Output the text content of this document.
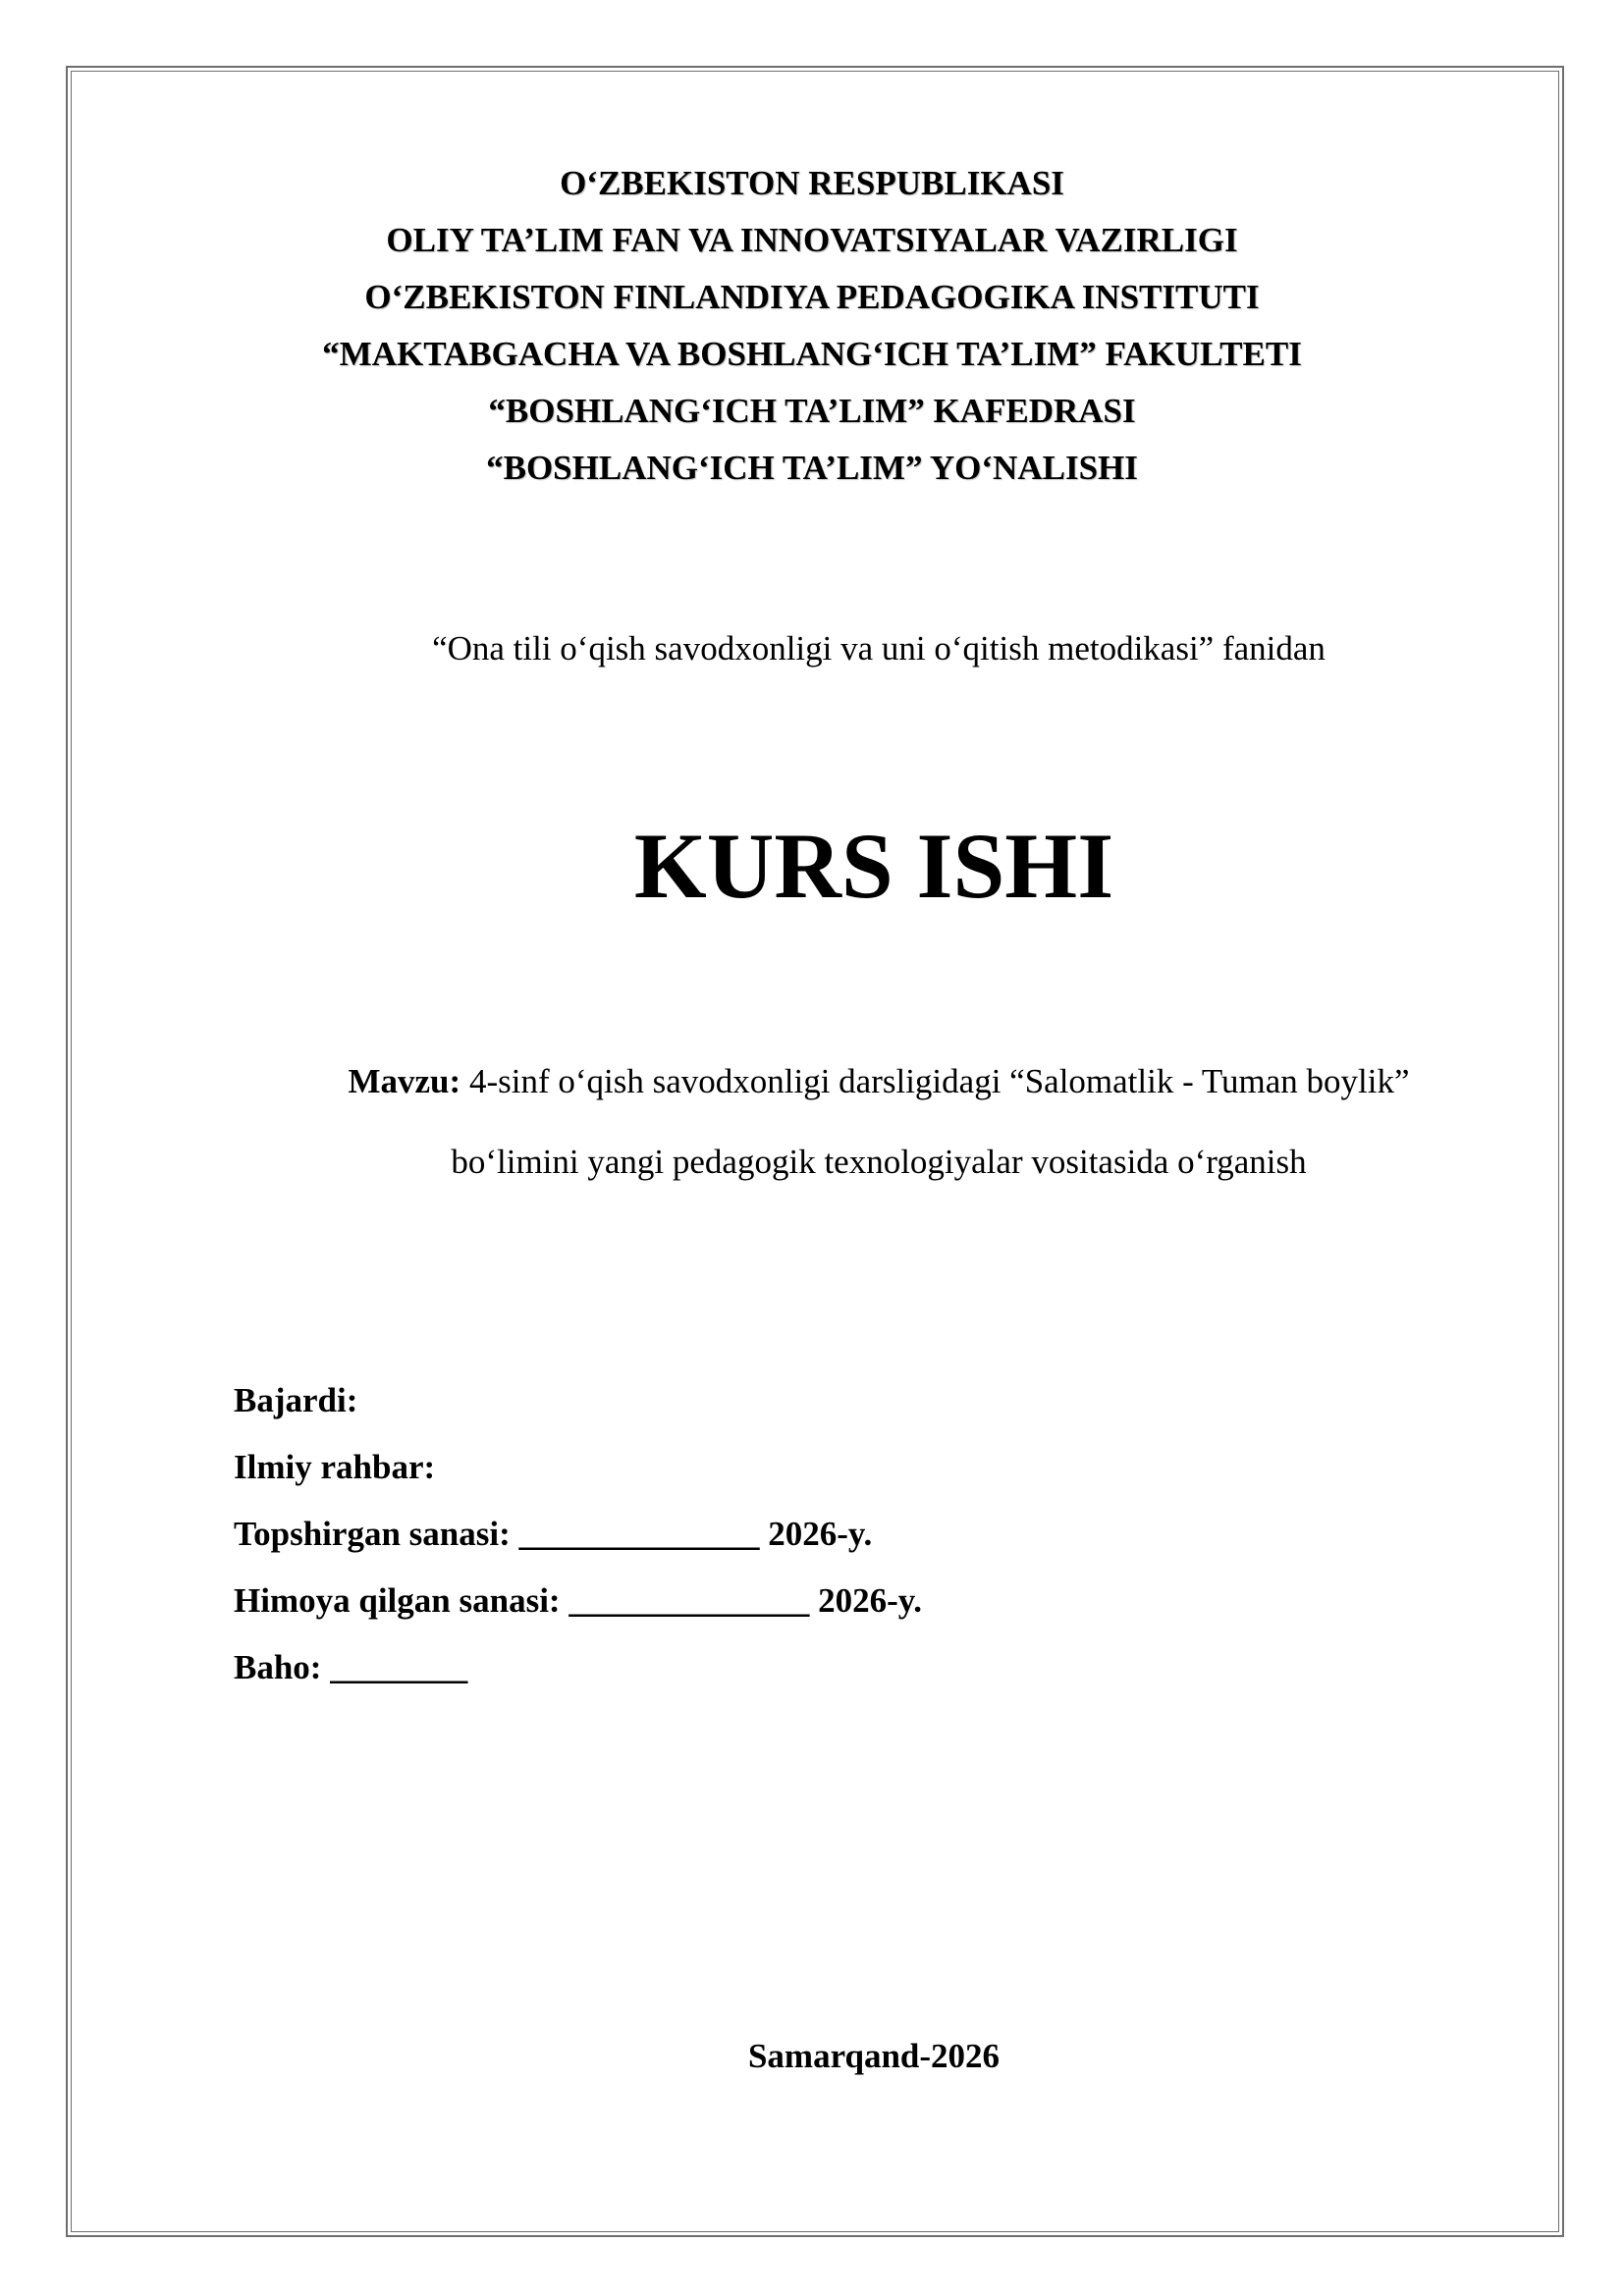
O‘ZBEKISTON RESPUBLIKASI
OLIY TA’LIM FAN VA INNOVATSIYALAR VAZIRLIGI
O‘ZBEKISTON FINLANDIYA PEDAGOGIKA INSTITUTI
“MAKTABGACHA VA BOSHLANG‘ICH TA’LIM” FAKULTETI
“BOSHLANG‘ICH TA’LIM” KAFEDRASI
“BOSHLANG‘ICH TA’LIM” YO‘NALISHI
“Ona tili o‘qish savodxonligi va uni o‘qitish metodikasi” fanidan
KURS ISHI
Mavzu: 4-sinf o‘qish savodxonligi darsligidagi “Salomatlik - Tuman boylik”
bo‘limini yangi pedagogik texnologiyalar vositasida o‘rganish
Bajardi:
Ilmiy rahbar:
Topshirgan sanasi: ______________ 2026-y.
Himoya qilgan sanasi: ______________ 2026-y.
Baho: ________
Samarqand-2026
